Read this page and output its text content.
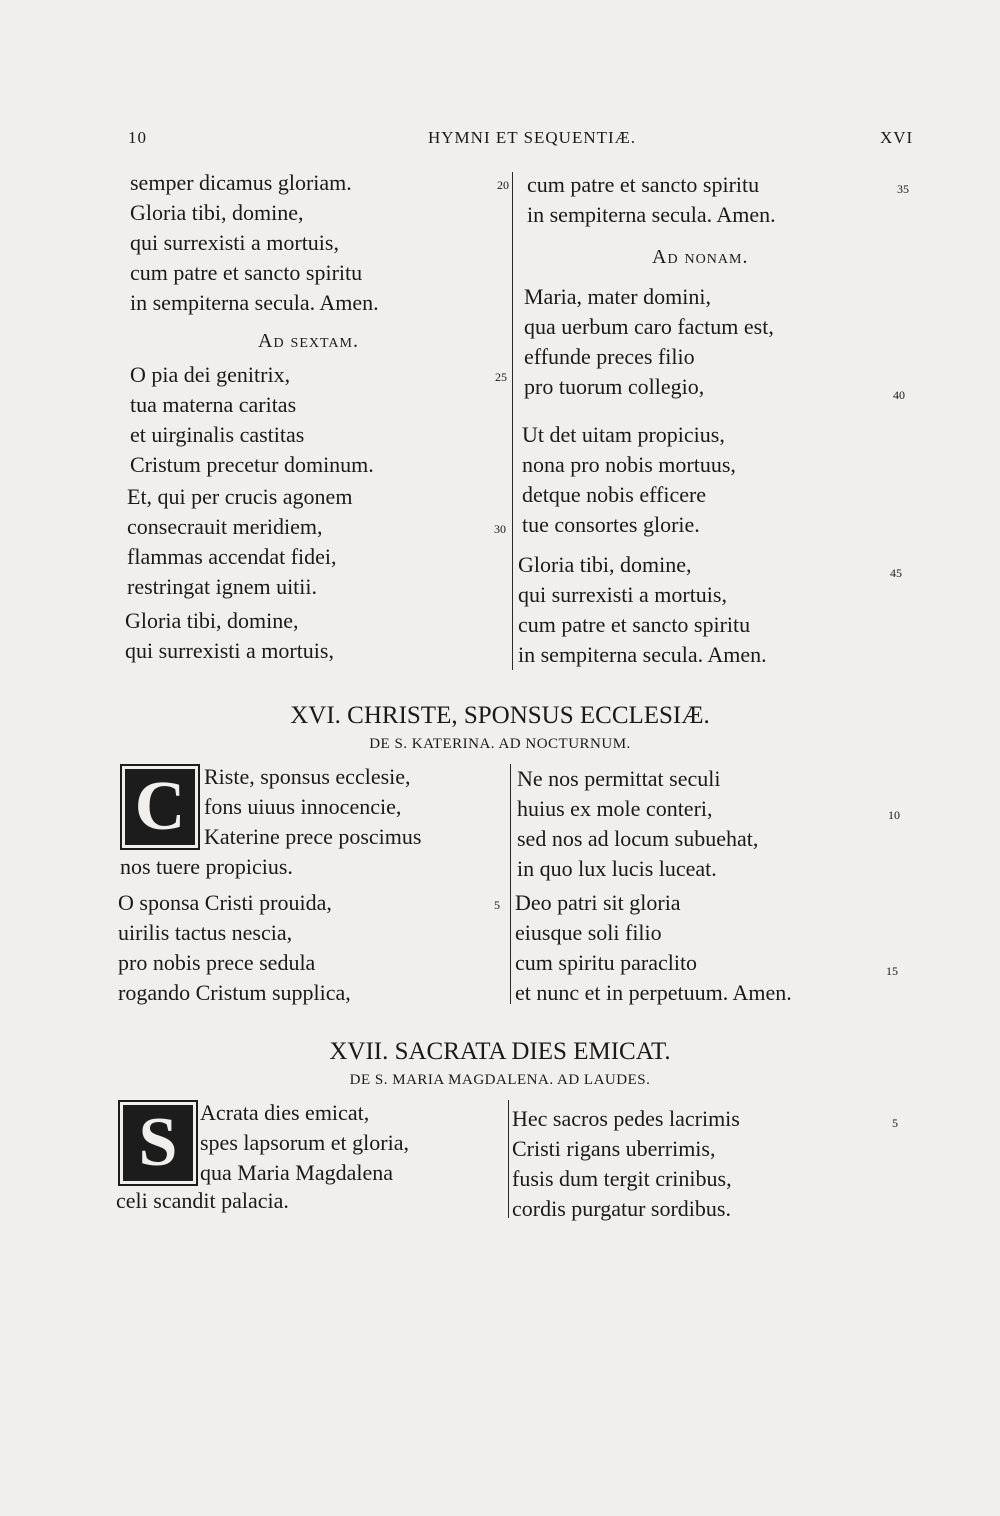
10	HYMNI ET SEQUENTIÆ.	XVI
semper dicamus gloriam.
Gloria tibi, domine,
qui surrexisti a mortuis,
cum patre et sancto spiritu
in sempiterna secula. Amen.
Ad sextam.
O pia dei genitrix,
tua materna caritas
et uirginalis castitas
Cristum precetur dominum.
Et, qui per crucis agonem
consecrauit meridiem,
flammas accendat fidei,
restringat ignem uitii.
Gloria tibi, domine,
qui surrexisti a mortuis,
20
25
30
cum patre et sancto spiritu
in sempiterna secula. Amen.
Ad nonam.
Maria, mater domini,
qua uerbum caro factum est,
effunde preces filio
pro tuorum collegio,
Ut det uitam propicius,
nona pro nobis mortuus,
detque nobis efficere
tue consortes glorie.
Gloria tibi, domine,
qui surrexisti a mortuis,
cum patre et sancto spiritu
in sempiterna secula. Amen.
35
40
45
XVI. CHRISTE, SPONSUS ECCLESIÆ.
DE S. KATERINA. AD NOCTURNUM.
C Riste, sponsus ecclesie,
fons uiuus innocencie,
Katerine prece poscimus
nos tuere propicius.
O sponsa Cristi prouida,
uirilis tactus nescia,
pro nobis prece sedula
rogando Cristum supplica,
5
Ne nos permittat seculi
huius ex mole conteri,
sed nos ad locum subuehat,
in quo lux lucis luceat.
Deo patri sit gloria
eiusque soli filio
cum spiritu paraclito
et nunc et in perpetuum. Amen.
10
15
XVII. SACRATA DIES EMICAT.
DE S. MARIA MAGDALENA. AD LAUDES.
S	Acrata dies emicat,
spes lapsorum et gloria,
qua Maria Magdalena
celi scandit palacia.
Hec sacros pedes lacrimis
Cristi rigans uberrimis,
fusis dum tergit crinibus,
cordis purgatur sordibus.
5
